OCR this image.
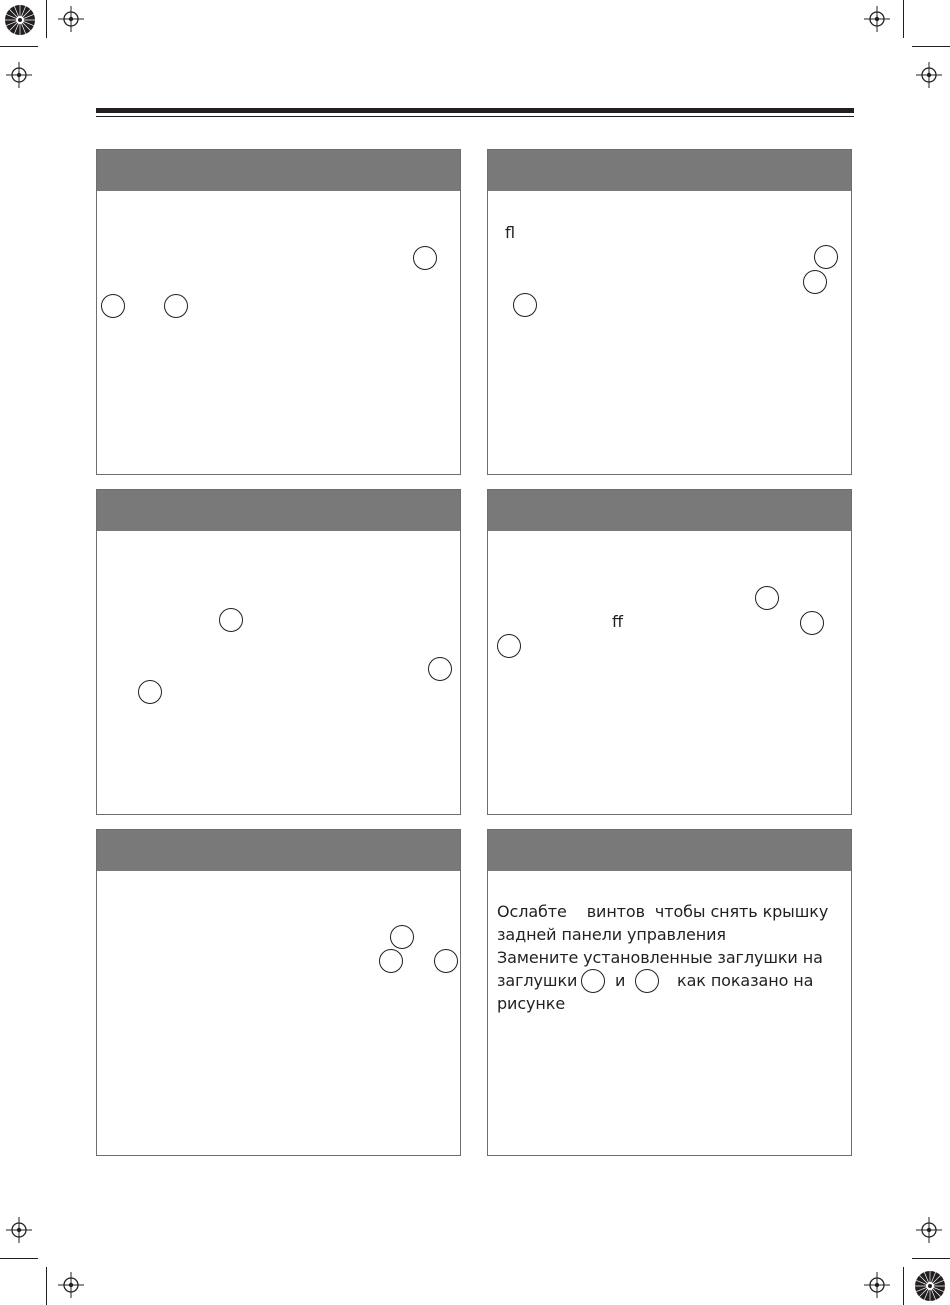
ﬂ
ﬀ
Ослабте    винтов  чтобы снять крышку
задней панели управления
Замените установленные заглушки на
заглушки и	как показано на
рисунке
